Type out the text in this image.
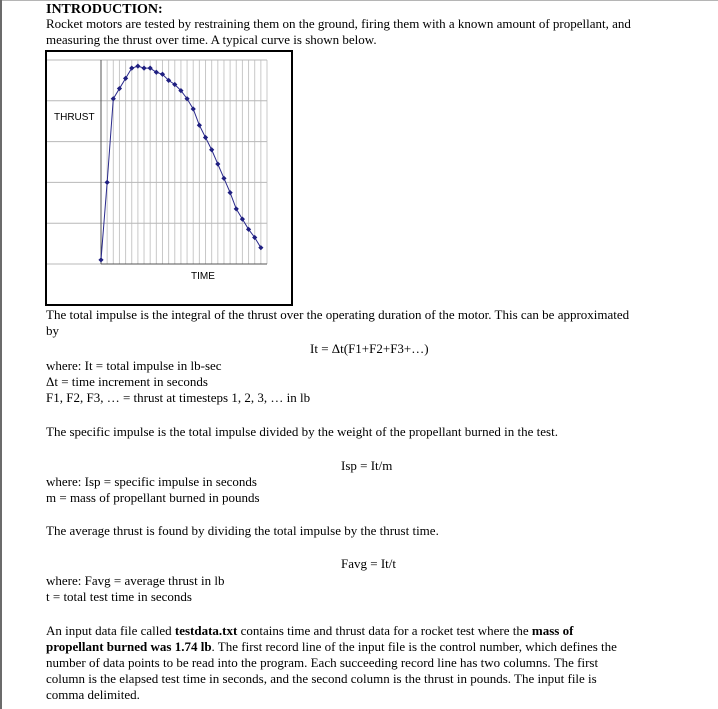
INTRODUCTION:
Rocket motors are tested by restraining them on the ground, firing them with a known amount of propellant, and
measuring the thrust over time. A typical curve is shown below.
THRUST
TIME
The total impulse is the integral of the thrust over the operating duration of the motor. This can be approximated
by
It = Δt(F1+F2+F3+…)
where: It = total impulse in lb-sec
Δt = time increment in seconds
F1, F2, F3, … = thrust at timesteps 1, 2, 3, … in lb
The specific impulse is the total impulse divided by the weight of the propellant burned in the test.
Isp = It/m
where: Isp = specific impulse in seconds
m = mass of propellant burned in pounds
The average thrust is found by dividing the total impulse by the thrust time.
Favg = It/t
where: Favg = average thrust in lb
t = total test time in seconds
An input data file called testdata.txt contains time and thrust data for a rocket test where the mass of
propellant burned was 1.74 lb. The first record line of the input file is the control number, which defines the
number of data points to be read into the program. Each succeeding record line has two columns. The first
column is the elapsed test time in seconds, and the second column is the thrust in pounds. The input file is
comma delimited.
